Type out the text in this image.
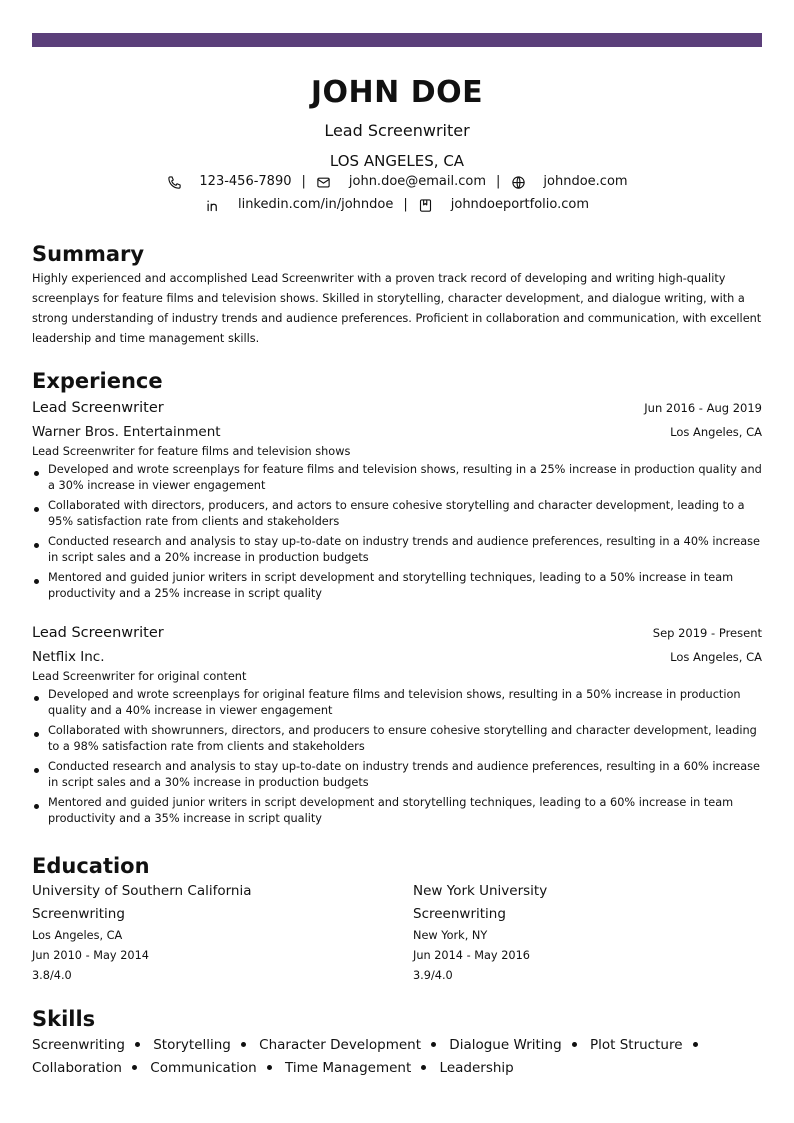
JOHN DOE
Lead Screenwriter
LOS ANGELES, CA
123-456-7890 |	john.doe@email.com |	johndoe.com
linkedin.com/in/johndoe |	johndoeportfolio.com
Summary
Highly experienced and accomplished Lead Screenwriter with a proven track record of developing and writing high-quality screenplays for feature films and television shows. Skilled in storytelling, character development, and dialogue writing, with a strong understanding of industry trends and audience preferences. Proficient in collaboration and communication, with excellent leadership and time management skills.
Experience
Lead Screenwriter	Jun 2016 - Aug 2019
Warner Bros. Entertainment	Los Angeles, CA
Lead Screenwriter for feature films and television shows
Developed and wrote screenplays for feature films and television shows, resulting in a 25% increase in production quality and a 30% increase in viewer engagement
Collaborated with directors, producers, and actors to ensure cohesive storytelling and character development, leading to a 95% satisfaction rate from clients and stakeholders
Conducted research and analysis to stay up-to-date on industry trends and audience preferences, resulting in a 40% increase in script sales and a 20% increase in production budgets
Mentored and guided junior writers in script development and storytelling techniques, leading to a 50% increase in team productivity and a 25% increase in script quality
Lead Screenwriter	Sep 2019 - Present
Netflix Inc.	Los Angeles, CA
Lead Screenwriter for original content
Developed and wrote screenplays for original feature films and television shows, resulting in a 50% increase in production quality and a 40% increase in viewer engagement
Collaborated with showrunners, directors, and producers to ensure cohesive storytelling and character development, leading to a 98% satisfaction rate from clients and stakeholders
Conducted research and analysis to stay up-to-date on industry trends and audience preferences, resulting in a 60% increase in script sales and a 30% increase in production budgets
Mentored and guided junior writers in script development and storytelling techniques, leading to a 60% increase in team productivity and a 35% increase in script quality
Education
University of Southern California
Screenwriting
Los Angeles, CA
Jun 2010 - May 2014
3.8/4.0
New York University
Screenwriting
New York, NY
Jun 2014 - May 2016
3.9/4.0
Skills
Screenwriting Storytelling Character Development Dialogue Writing Plot Structure
Collaboration Communication Time Management Leadership
